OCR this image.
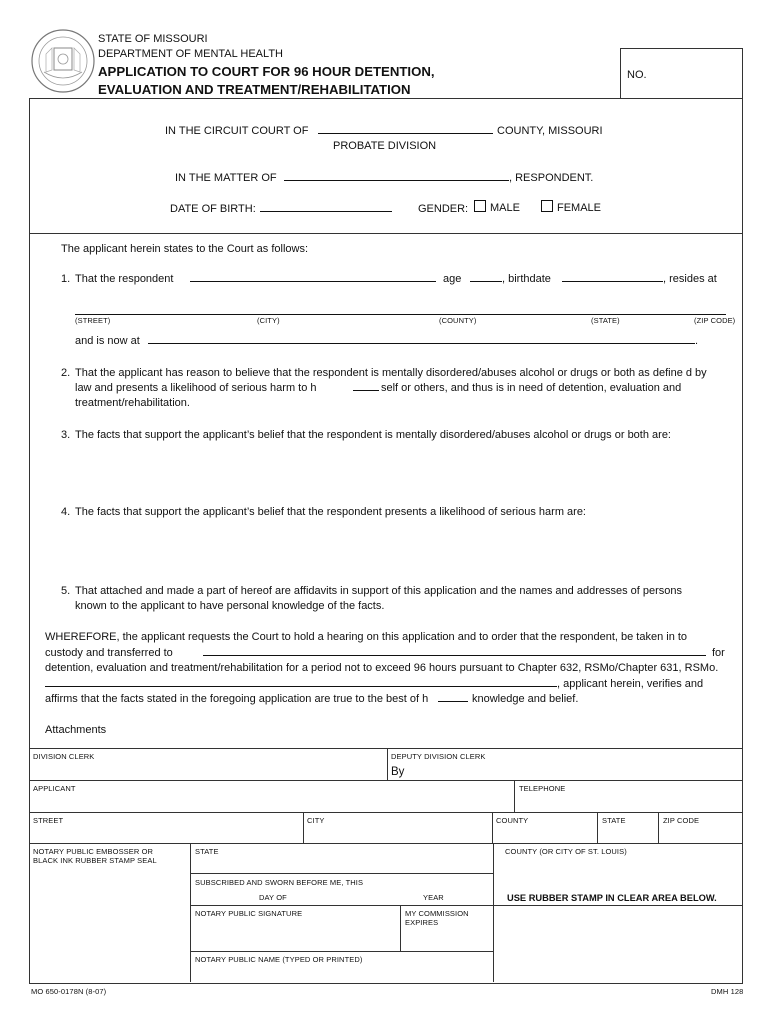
STATE OF MISSOURI
DEPARTMENT OF MENTAL HEALTH
APPLICATION TO COURT FOR 96 HOUR DETENTION,
EVALUATION AND TREATMENT/REHABILITATION
NO.
IN THE CIRCUIT COURT OF	COUNTY, MISSOURI
PROBATE DIVISION
IN THE MATTER OF	, RESPONDENT.
DATE OF BIRTH:	GENDER:	MALE	FEMALE
The applicant herein states to the Court as follows:
1. That the respondent	age	, birthdate	, resides at
(STREET)	(CITY)	(COUNTY)	(STATE)	(ZIP CODE)
and is now at	.
2. That the applicant has reason to believe that the respondent is mentally disordered/abuses alcohol or drugs or both as define d by
law and presents a likelihood of serious harm to h	self or others, and thus is in need of detention, evaluation and
treatment/rehabilitation.
3. The facts that support the applicant’s belief that the respondent is mentally disordered/abuses alcohol or drugs or both are:
4. The facts that support the applicant’s belief that the respondent presents a likelihood of serious harm are:
5. That attached and made a part of hereof are affidavits in support of this application and the names and addresses of persons
known to the applicant to have personal knowledge of the facts.
WHEREFORE, the applicant requests the Court to hold a hearing on this application and to order that the respondent, be taken in to
custody and transferred to	for
detention, evaluation and treatment/rehabilitation for a period not to exceed 96 hours pursuant to Chapter 632, RSMo/Chapter 631, RSMo.
, applicant herein, verifies and
affirms that the facts stated in the foregoing application are true to the best of h	knowledge and belief.
Attachments
DIVISION CLERK	DEPUTY DIVISION CLERK
By
APPLICANT	TELEPHONE
STREET	CITY	COUNTY	STATE	ZIP CODE
NOTARY PUBLIC EMBOSSER OR
BLACK INK RUBBER STAMP SEAL
STATE	COUNTY (OR CITY OF ST. LOUIS)
SUBSCRIBED AND SWORN BEFORE ME, THIS
DAY OF	YEAR	USE RUBBER STAMP IN CLEAR AREA BELOW.
NOTARY PUBLIC SIGNATURE	MY COMMISSION
EXPIRES
NOTARY PUBLIC NAME (TYPED OR PRINTED)
MO 650-0178N (8-07)	DMH 128
